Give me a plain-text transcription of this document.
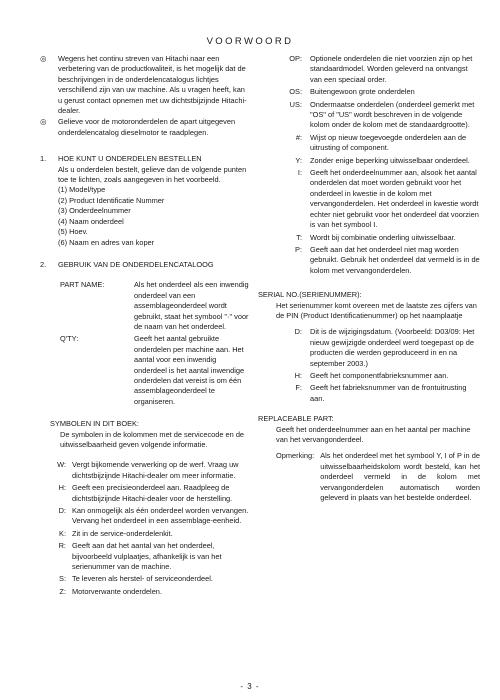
VOORWOORD
◎	Wegens het continu streven van Hitachi naar een verbetering van de productkwaliteit, is het mogelijk dat de beschrijvingen in de onderdelencatalogus lichtjes verschillend zijn van uw machine. Als u vragen heeft, kan u gerust contact opnemen met uw dichtstbijzijnde Hitachi-dealer.
◎	Gelieve voor de motoronderdelen de apart uitgegeven onderdelencatalog dieselmotor te raadplegen.
1.	HOE KUNT U ONDERDELEN BESTELLEN
Als u onderdelen bestelt, gelieve dan de volgende punten toe te lichten, zoals aangegeven in het voorbeeld.
(1) Model/type
(2) Product Identificatie Nummer
(3) Onderdeelnummer
(4) Naam onderdeel
(5) Hoev.
(6) Naam en adres van koper
2.	GEBRUIK VAN DE ONDERDELENCATALOOG
PART NAME:	Als het onderdeel als een inwendig onderdeel van een assemblageonderdeel wordt gebruikt, staat het symbool "·" voor de naam van het onderdeel.
Q'TY:	Geeft het aantal gebruikte onderdelen per machine aan. Het aantal voor een inwendig onderdeel is het aantal inwendige onderdelen dat vereist is om één assemblageonderdeel te organiseren.
SYMBOLEN IN DIT BOEK:
De symbolen in de kolommen met de servicecode en de uitwisselbaarheid geven volgende informatie.
W: Vergt bijkomende verwerking op de werf. Vraag uw dichtstbijzijnde Hitachi-dealer om meer informatie.
H: Geeft een precisieonderdeel aan. Raadpleeg de dichtstbijzijnde Hitachi-dealer voor de herstelling.
D: Kan onmogelijk als één onderdeel worden vervangen. Vervang het onderdeel in een assemblage-eenheid.
K: Zit in de service-onderdelenkit.
R: Geeft aan dat het aantal van het onderdeel, bijvoorbeeld vulplaatjes, afhankelijk is van het serienummer van de machine.
S: Te leveren als herstel- of serviceonderdeel.
Z: Motorverwante onderdelen.
OP:	Optionele onderdelen die niet voorzien zijn op het standaardmodel. Worden geleverd na ontvangst van een speciaal order.
OS:	Buitengewoon grote onderdelen
US:	Ondermaatse onderdelen (onderdeel gemerkt met "OS" of "US" wordt beschreven in de volgende kolom onder de kolom met de standaardgrootte).
#:	Wijst op nieuw toegevoegde onderdelen aan de uitrusting of component.
Y:	Zonder enige beperking uitwisselbaar onderdeel.
I:	Geeft het onderdeelnummer aan, alsook het aantal onderdelen dat moet worden gebruikt voor het onderdeel in kwestie in de kolom met vervangonderdelen. Het onderdeel in kwestie wordt echter niet gebruikt voor het onderdeel dat voorzien is van het symbool I.
T:	Wordt bij combinatie onderling uitwisselbaar.
P:	Geeft aan dat het onderdeel niet mag worden gebruikt. Gebruik het onderdeel dat vermeld is in de kolom met vervangonderdelen.
SERIAL NO.(SERIENUMMER):
Het serienummer komt overeen met de laatste zes cijfers van de PIN (Product Identificatienummer) op het naamplaatje
D:	Dit is de wijzigingsdatum. (Voorbeeld: D03/09: Het nieuw gewijzigde onderdeel werd toegepast op de producten die werden geproduceerd in en na september 2003.)
H:	Geeft het componentfabrieksnummer aan.
F:	Geeft het fabrieksnummer van de frontuitrusting aan.
REPLACEABLE PART:
Geeft het onderdeelnummer aan en het aantal per machine van het vervangonderdeel.
Opmerking: Als het onderdeel met het symbool Y, I of P in de uitwisselbaarheidskolom wordt besteld, kan het onderdeel vermeld in de kolom met vervangonderdelen automatisch worden geleverd in plaats van het bestelde onderdeel.
- 3 -
